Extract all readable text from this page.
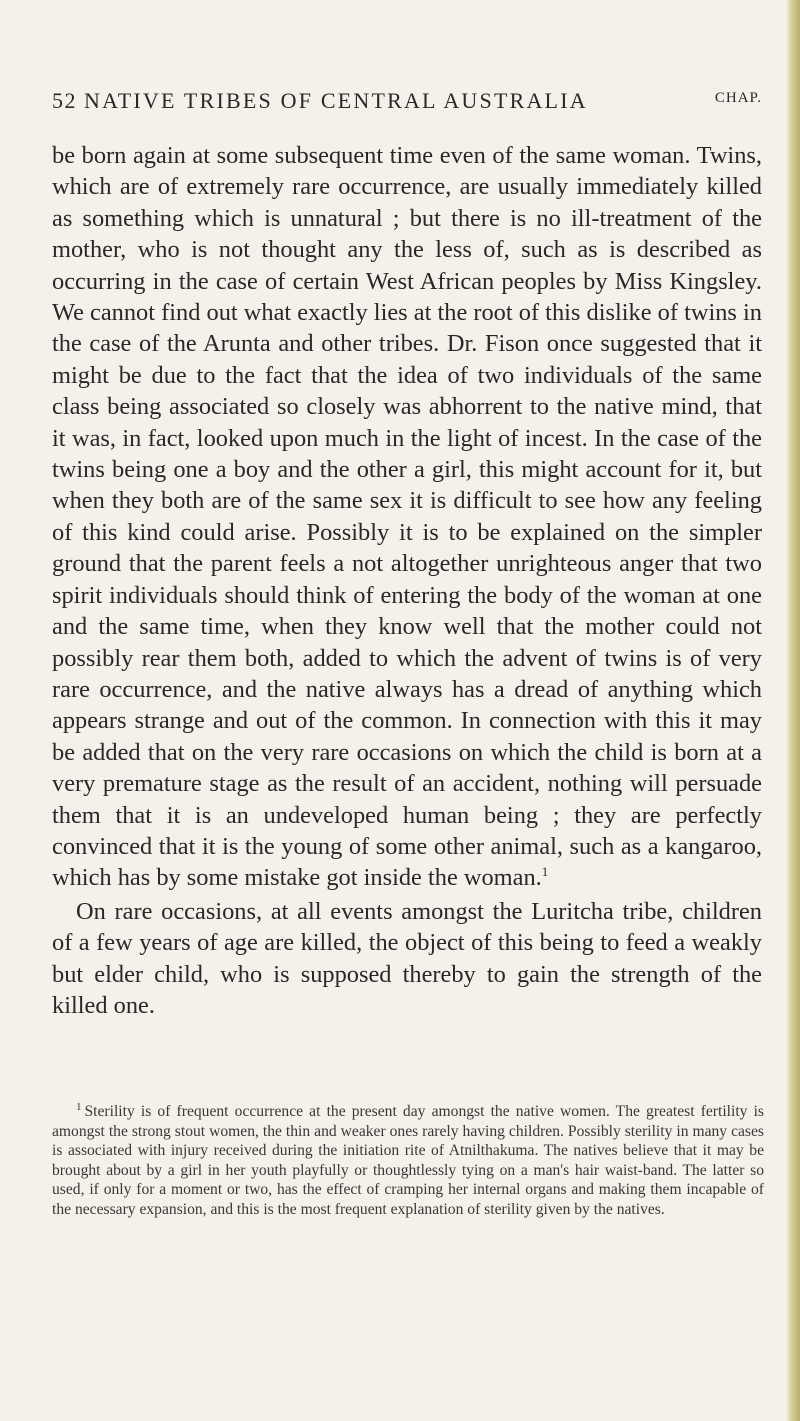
52 NATIVE TRIBES OF CENTRAL AUSTRALIA	CHAP.

be born again at some subsequent time even of the same woman. Twins, which are of extremely rare occurrence, are usually immediately killed as something which is unnatural ; but there is no ill-treatment of the mother, who is not thought any the less of, such as is described as occurring in the case of certain West African peoples by Miss Kingsley. We cannot find out what exactly lies at the root of this dislike of twins in the case of the Arunta and other tribes. Dr. Fison once suggested that it might be due to the fact that the idea of two individuals of the same class being associated so closely was abhorrent to the native mind, that it was, in fact, looked upon much in the light of incest. In the case of the twins being one a boy and the other a girl, this might account for it, but when they both are of the same sex it is difficult to see how any feeling of this kind could arise. Possibly it is to be explained on the simpler ground that the parent feels a not altogether unrighteous anger that two spirit individuals should think of entering the body of the woman at one and the same time, when they know well that the mother could not possibly rear them both, added to which the advent of twins is of very rare occurrence, and the native always has a dread of anything which appears strange and out of the common. In connection with this it may be added that on the very rare occasions on which the child is born at a very premature stage as the result of an accident, nothing will persuade them that it is an undeveloped human being ; they are perfectly convinced that it is the young of some other animal, such as a kangaroo, which has by some mistake got inside the woman.$^1$

On rare occasions, at all events amongst the Luritcha tribe, children of a few years of age are killed, the object of this being to feed a weakly but elder child, who is supposed thereby to gain the strength of the killed one.

$^1$ Sterility is of frequent occurrence at the present day amongst the native women. The greatest fertility is amongst the strong stout women, the thin and weaker ones rarely having children. Possibly sterility in many cases is associated with injury received during the initiation rite of Atnilthakuma. The natives believe that it may be brought about by a girl in her youth playfully or thoughtlessly tying on a man's hair waist-band. The latter so used, if only for a moment or two, has the effect of cramping her internal organs and making them incapable of the necessary expansion, and this is the most frequent explanation of sterility given by the natives.
